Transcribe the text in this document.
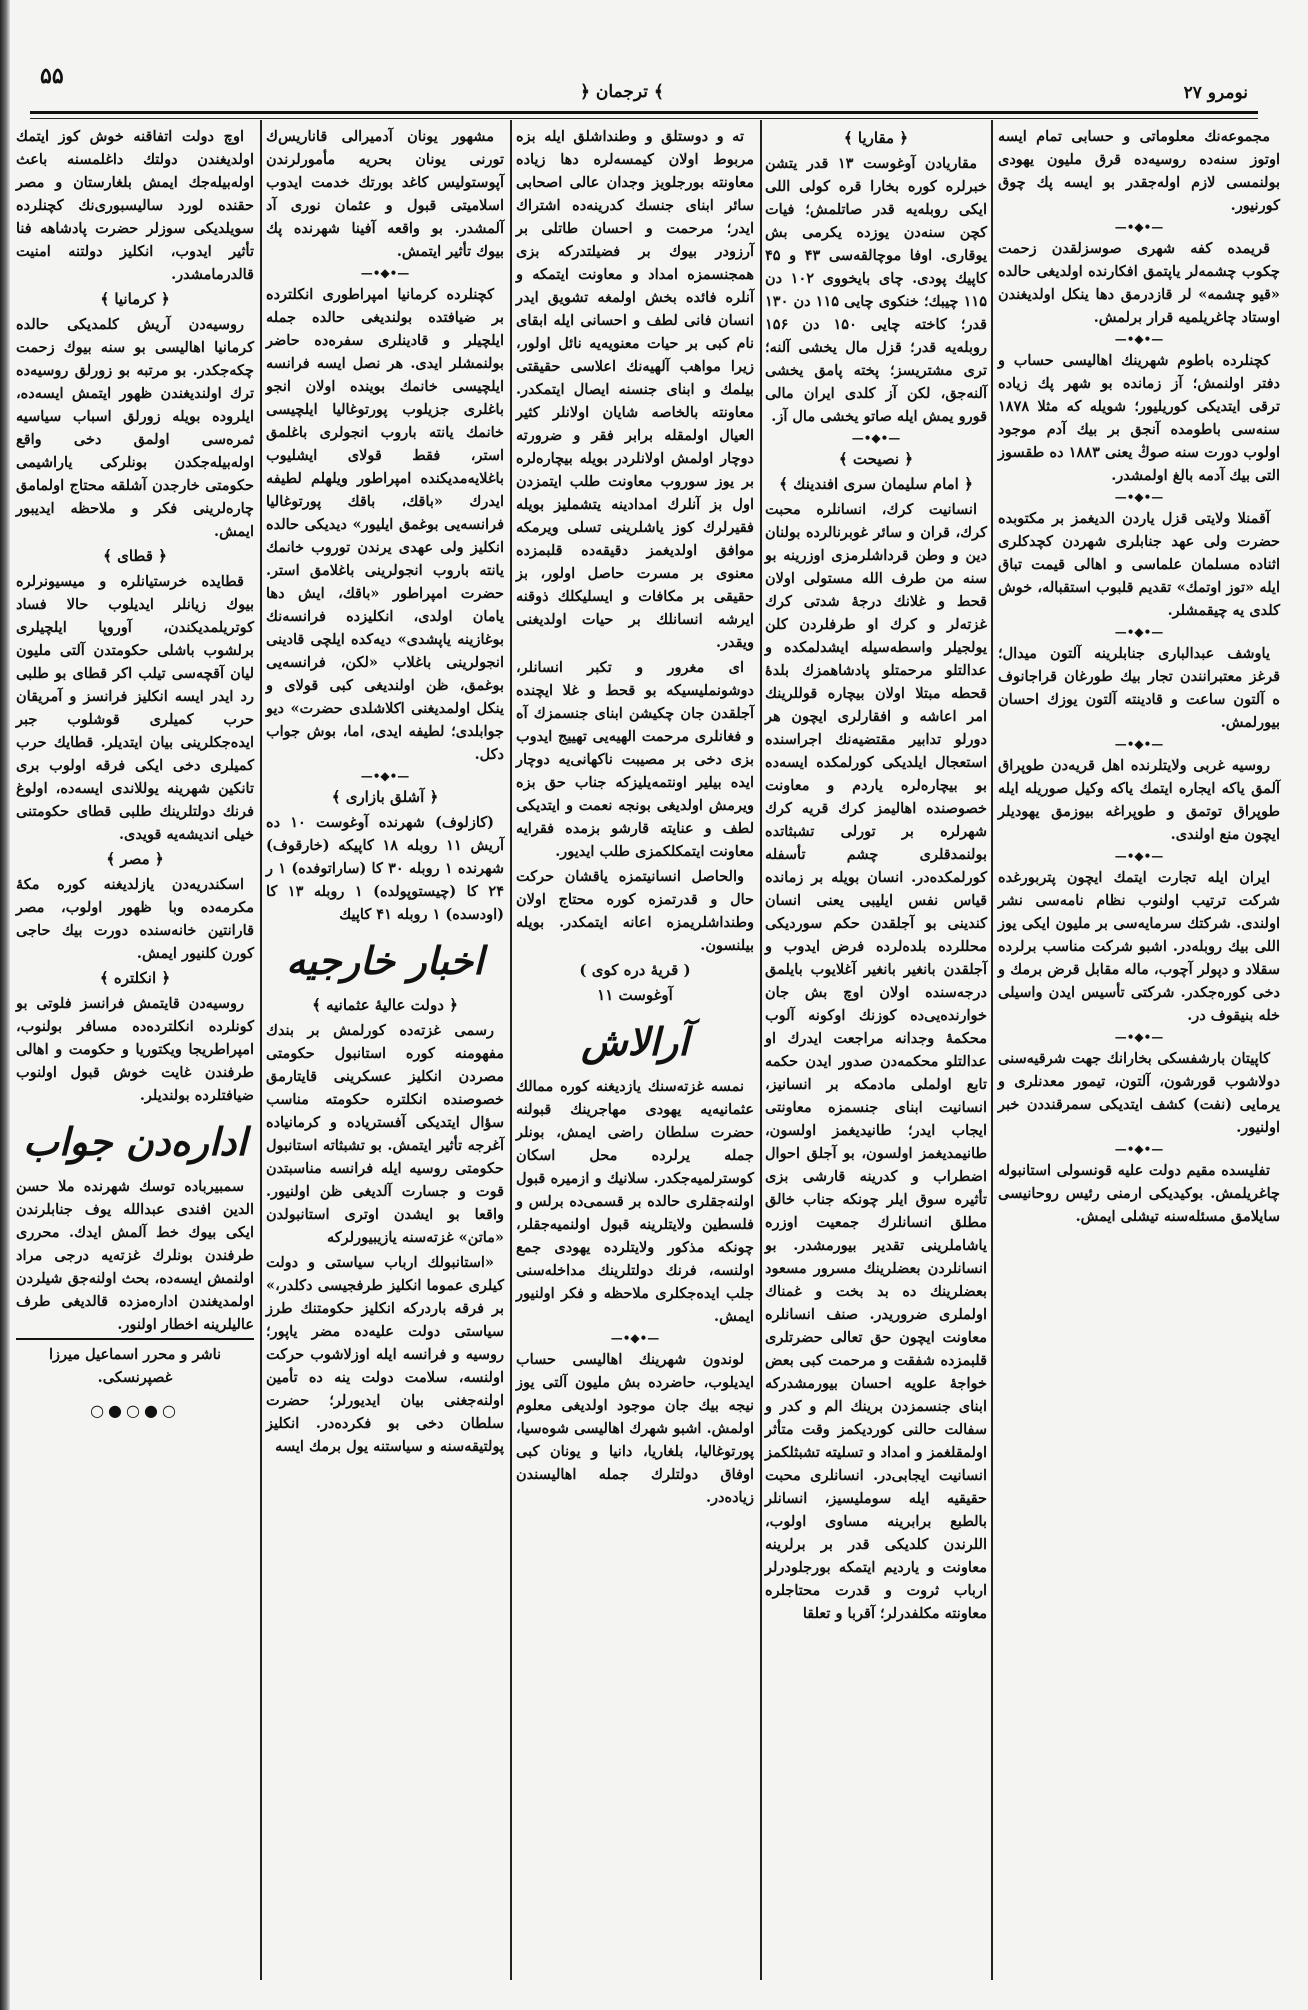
۵۵
﴿ ترجمان ﴾	نومرو ۲۷

مجموعه‌نك معلوماتی و حسابی تمام ایسه اوتوز سنه‌ده روسیه‌ده قرق ملیون یهودی بولنمسی لازم اوله‌جقدر بو ایسه پك چوق کورنیور.

—•◆•—

قریمده کفه شهری صوسزلقدن زحمت چکوب چشمه‌لر یاپتمق افکارنده اولدیغی حالده «قیو چشمه» لر قازدرمق دها ینکل اولدیغندن اوستاد چاغریلمیه قرار برلمش.

—•◆•—

کچنلرده باطوم شهرینك اهالیسی حساب و دفتر اولنمش؛ آز زمانده بو شهر پك زیاده ترقی ایتدیکی کوریلیور؛ شویله که مثلا ۱۸۷۸ سنه‌سی باطومده آنجق بر بیك آدم موجود اولوب دورت سنه صوڭ یعنی ۱۸۸۳ ده طقسوز التی بیك آدمه بالغ اولمشدر.

—•◆•—

آقمنلا ولایتی قزل یاردن الدیغمز بر مکتوبده حضرت ولی عهد جنابلری شهردن کچدکلری اثناده مسلمان علماسی و اهالی قیمت تباق ایله «توز اوتمك» تقدیم قلبوب استقباله، خوش کلدی یه چیقمشلر.

—•◆•—

یاوشف عبدالباری جنابلرینه آلتون میدال؛ قرغز معتبرانندن تجار بیك طورغان قراجانوف ه آلتون ساعت و قادینته آلتون یوزك احسان بیورلمش.

—•◆•—

روسیه غربی ولایتلرنده اهل قریه‌دن طوپراق آلمق یاکه ایجاره ایتمك یاکه وکیل صوریله ایله طوپراق توتمق و طوپراغه بیوزمق یهودیلر ایچون منع اولندی.

—•◆•—

ایران ایله تجارت ایتمك ایچون پتربورغده شرکت ترتیب اولنوب نظام نامه‌سی نشر اولندی. شرکتك سرمایه‌سی بر ملیون ایکی یوز اللی بیك روبله‌در. اشبو شرکت مناسب برلرده سقلاد و دپولر آچوب، ماله مقابل قرض برمك و دخی کوره‌جکدر. شرکتی تأسیس ایدن واسیلی خله بنیقوف در.

—•◆•—

کاپیتان بارشفسکی بخارانك جهت شرقیه‌سنی دولاشوب قورشون، آلتون، تیمور معدنلری و یرمایی (نفت) کشف ایتدیکی سمرقنددن خبر اولنیور.

—•◆•—

تفلیسده مقیم دولت علیه قونسولی استانبوله چاغریلمش. بوکیدیکی ارمنی رئیس روحانیسی سایلامق مسئله‌سنه تیشلی ایمش.

﴿ مقاریا ﴾

مقاریادن آوغوست ۱۳ قدر یتشن خبرلره کوره بخارا قره کولی اللی ایکی روبله‌یه قدر صاتلمش؛ فیات کچن سنه‌دن یوزده یکرمی بش یوقاری. اوفا موچالقه‌سی ۴۳ و ۴۵ کاپیك پودی. چای بایخووی ۱۰۲ دن ۱۱۵ چیبك؛ خنکوی چایی ۱۱۵ دن ۱۳۰ قدر؛ کاخته چایی ۱۵۰ دن ۱۵۶ روبله‌یه قدر؛ قزل مال یخشی آلنه؛ تری مشتریسز؛ پخته پامق یخشی آلنه‌جق، لکن آز کلدی ایران مالی قورو یمش ایله صاتو یخشی مال آز.

—•◆•—
﴿ نصیحت ﴾
﴿ امام سلیمان سری افندینك ﴾

انسانیت کرك، انسانلره محبت کرك، قران و سائر غوبرنالرده بولنان دین و وطن قرداشلرمزی اوزرینه بو سنه من طرف الله مستولی اولان قحط و غلانك درجهٔ شدتی کرك غزته‌لر و کرك او طرفلردن کلن یولجیلر واسطه‌سیله ایشدلمکده و عدالتلو مرحمتلو پادشاهمزك بلدهٔ قحطه مبتلا اولان بیچاره قوللرینك امر اعاشه و افقارلری ایچون هر دورلو تدابیر مقتضیه‌نك اجراسنده استعجال ایلدیکی کورلمکده ایسه‌ده بو بیچاره‌لره یاردم و معاونت خصوصنده اهالیمز کرك قریه کرك شهرلره بر تورلی تشبثاتده بولنمدقلری چشم تأسفله کورلمکده‌در. انسان بویله بر زمانده قیاس نفس ایلیبی یعنی انسان کندینی بو آجلقدن حکم سوردیکی محللرده بلده‌لرده فرض ایدوب و آجلقدن بانغیر بانغیر آغلایوب بایلمق درجه‌سنده اولان اوچ بش جان خوارنده‌یی‌ده کوزنك اوکونه آلوب محکمهٔ وجدانه مراجعت ایدرك او عدالتلو محکمه‌دن صدور ایدن حکمه تابع اولملی مادمکه بر انسانیز، انسانیت ابنای جنسمزه معاونتی ایجاب ایدر؛ طانیدیغمز اولسون، طانیمدیغمز اولسون، بو آجلق احوال اضطراب و کدرینه قارشی بزی تأثیره سوق ایلر چونکه جناب خالق مطلق انسانلرك جمعیت اوزره یاشاملرینی تقدیر بیورمشدر. بو انسانلردن بعضلرینك مسرور مسعود بعضلرینك ده بد بخت و غمناك اولملری ضروریدر. صنف انسانلره معاونت ایچون حق تعالی حضرتلری قلبمزده شفقت و مرحمت کبی بعض خواجهٔ علویه احسان بیورمشدرکه ابنای جنسمزدن برینك الم و کدر و سفالت حالنی کوردیکمز وقت متأثر اولمقلغمز و امداد و تسلیته تشبثلکمز انسانیت ایجابی‌در. انسانلری محبت حقیقیه ایله سوملیسیز، انسانلر بالطبع برابرینه مساوی اولوب، اللرندن کلدیکی قدر بر برلرینه معاونت و یاردیم ایتمکه بورجلودرلر ارباب ثروت و قدرت محتاجلره معاونته مکلفدرلر؛ آقربا و تعلقا

ته و دوستلق و وطنداشلق ایله بزه مربوط اولان کیمسه‌لره دها زیاده معاونته بورجلویز وجدان عالی اصحابی سائر ابنای جنسك کدرینه‌ده اشتراك ایدر؛ مرحمت و احسان طاتلی بر آرزودر بیوك بر فضیلتدرکه بزی همجنسمزه امداد و معاونت ایتمکه و آنلره فائده بخش اولمغه تشویق ایدر انسان فانی لطف و احسانی ایله ابقای نام کبی بر حیات معنویه‌یه نائل اولور، زیرا مواهب آلهیه‌نك اعلاسی حقیقتی بیلمك و ابنای جنسنه ایصال ایتمکدر. معاونته بالخاصه شایان اولانلر کثیر العیال اولمقله برابر فقر و ضرورته دوچار اولمش اولانلردر بویله بیچاره‌لره بر یوز سوروب معاونت طلب ایتمزدن اول بز آنلرك امدادینه یتشملیز بویله فقیرلرك کوز یاشلرینی تسلی ویرمکه موافق اولدیغمز دقیقه‌ده قلبمزده معنوی بر مسرت حاصل اولور، بز حقیقی بر مکافات و ایسلیکلك ذوقنه ایرشه انسانلك بر حیات اولدیغنی ویقدر.

ای مغرور و تکبر انسانلر، دوشونملیسیکه بو قحط و غلا ایچنده آجلقدن جان چکیشن ابنای جنسمزك آه و فغانلری مرحمت الهیه‌یی تهییج ایدوب بزی دخی بر مصیبت ناکهانی‌یه دوچار ایده بیلیر اونتمه‌یلیزکه جناب حق بزه ویرمش اولدیغی بونجه نعمت و ایتدیکی لطف و عنایته قارشو بزمده فقرایه معاونت ایتمکلکمزی طلب ایدیور.

والحاصل انسانیتمزه یاقشان حرکت حال و قدرتمزه کوره محتاج اولان وطنداشلریمزه اعانه ایتمکدر. بویله بیلنسون.

( قریهٔ دره کوی )
آوغوست ۱۱
آرالاش

نمسه غزته‌سنك یازدیغنه کوره ممالك عثمانیه‌یه یهودی مهاجرینك قبولنه حضرت سلطان راضی ایمش، بونلر جمله یرلرده محل اسکان کوسترلمیه‌جکدر. سلانیك و ازمیره قبول اولنه‌جقلری حالده بر قسمی‌ده برلس و فلسطین ولایتلرینه قبول اولنمیه‌جقلر، چونکه مذکور ولایتلرده یهودی جمع اولنسه، فرنك دولتلرینك مداخله‌سنی جلب ایده‌جکلری ملاحظه و فکر اولنیور ایمش.

—•◆•—

لوندون شهرینك اهالیسی حساب ایدیلوب، حاضرده بش ملیون آلتی یوز نیجه بیك جان موجود اولدیغی معلوم اولمش. اشبو شهرك اهالیسی شوه‌سیا، پورتوغالیا، بلغاریا، دانیا و یونان کبی اوفاق دولتلرك جمله اهالیسندن زیاده‌در.

مشهور یونان آدمیرالی قاناریس‌ك تورنی یونان بحریه مأمورلرندن آپوستولیس کاغد بورتك خدمت ایدوب اسلامیتی قبول و عثمان نوری آد آلمشدر. بو واقعه آفینا شهرنده پك بیوك تأثیر ایتمش.

—•◆•—

کچنلرده کرمانیا امپراطوری انکلترده بر ضیافتده بولندیغی حالده جمله ایلچیلر و قادینلری سفره‌ده حاضر بولنمشلر ایدی. هر نصل ایسه فرانسه ایلچیسی خانمك بوینده اولان انجو باغلری جزیلوب پورتوغالیا ایلچیسی خانمك یانته باروب انجولری باغلمق استر، فقط قولای ایشلیوب باغلایه‌مدیکنده امپراطور ویلهلم لطیفه ایدرك «باقك، باقك پورتوغالیا فرانسه‌یی بوغمق ایلیور» دیدیکی حالده انکلیز ولی عهدی یرندن توروب خانمك یانته باروب انجولرینی باغلامق استر. حضرت امپراطور «باقك، ایش دها یامان اولدی، انکلیزده فرانسه‌نك بوغازینه یاپشدی» دیه‌کده ایلچی قادینی انجولرینی باغلاب «لکن، فرانسه‌یی بوغمق، ظن اولندیغی کبی قولای و ینکل اولمدیغنی اکلاشلدی حضرت» دیو جوابلدی؛ لطیفه ایدی، اما، بوش جواب دکل.

—•◆•—
﴿ آشلق بازاری ﴾

(کازلوف) شهرنده آوغوست ۱۰ ده آریش ۱۱ روبله ۱۸ کاپیکه (خارقوف) شهرنده ۱ روبله ۳۰ کا (ساراتوفده) ۱ ر ۲۴ کا (چیستوپولده) ۱ روبله ۱۳ کا (اودسده) ۱ روبله ۴۱ کاپیك

اخبار خارجیه
﴿ دولت عالیهٔ عثمانیه ﴾

رسمی غزته‌ده کورلمش بر بندك مفهومنه کوره استانبول حکومتی مصردن انکلیز عسکرینی قایتارمق خصوصنده انکلتره حکومته مناسب سؤال ایتدیکی آفستریاده و کرمانیاده آغرجه تأثیر ایتمش. بو تشبثاته استانبول حکومتی روسیه ایله فرانسه مناسبتدن قوت و جسارت آلدیغی ظن اولنیور. واقعا بو ایشدن اوتری استانبولدن «ماتن» غزته‌سنه یازیبیورلرکه

«استانبولك ارباب سیاستی و دولت کیلری عموما انکلیز طرفجیسی دکلدر،» بر فرقه باردرکه انکلیز حکومتنك طرز سیاستی دولت علیه‌ده مضر یاپور؛ روسیه و فرانسه ایله اوزلاشوب حرکت اولنسه، سلامت دولت ینه ده تأمین اولنه‌جغنی بیان ایدیورلر؛ حضرت سلطان دخی بو فکرده‌در. انکلیز پولتیقه‌سنه و سیاستنه یول برمك ایسه

اوچ دولت اتفاقنه خوش کوز ایتمك اولدیغندن دولتك داغلمسنه باعث اوله‌بیله‌جك ایمش بلغارستان و مصر حقنده لورد سالیسبوری‌نك کچنلرده سویلدیکی سوزلر حضرت پادشاهه فنا تأثیر ایدوب، انکلیز دولتنه امنیت قالدرمامشدر.

﴿ کرمانیا ﴾

روسیه‌دن آریش کلمدیکی حالده کرمانیا اهالیسی بو سنه بیوك زحمت چکه‌جکدر. بو مرتبه بو زورلق روسیه‌ده ترك اولندیغندن ظهور ایتمش ایسه‌ده، ایلروده بویله زورلق اسباب سیاسیه ثمره‌سی اولمق دخی واقع اوله‌بیله‌جکدن بونلرکی یاراشیمی حکومتی خارجدن آشلقه محتاج اولمامق چاره‌لرینی فکر و ملاحظه ایدیبور ایمش.

﴿ قطای ﴾

قطایده خرستیانلره و میسیونرلره بیوك زیانلر ایدیلوب حالا فساد کوتریلمدیکندن، آوروپا ایلچیلری برلشوب باشلی حکومتدن آلتی ملیون لیان آقچه‌سی تیلب اکر قطای بو طلبی رد ایدر ایسه انکلیز فرانسز و آمریقان حرب کمیلری قوشلوب جبر ایده‌جکلرینی بیان ایتدیلر. قطایك حرب کمیلری دخی ایکی فرقه اولوب بری تانکین شهرینه یوللاندی ایسه‌ده، اولوغ فرنك دولتلرینك طلبی قطای حکومتنی خیلی اندیشه‌یه قویدی.

﴿ مصر ﴾

اسکندریه‌دن یازلدیغنه کوره مکهٔ مکرمه‌ده وبا ظهور اولوب، مصر قارانتین خانه‌سنده دورت بیك حاجی کورن کلنیور ایمش.

﴿ انکلتره ﴾

روسیه‌دن قایتمش فرانسز فلوتی بو کونلرده انکلترده‌ده مسافر بولنوب، امپراطریجا ویکتوریا و حکومت و اهالی طرفندن غایت خوش قبول اولنوب ضیافتلرده بولندیلر.

اداره‌دن جواب

سمبیرباده توسك شهرنده ملا حسن الدین افندی عبدالله یوف جنابلرندن ایکی بیوك خط آلمش ایدك. محرری طرفندن بونلرك غزته‌یه درجی مراد اولنمش ایسه‌ده، بحث اولنه‌جق شیلردن اولمدیغندن اداره‌مزده قالدیغی طرف عالیلرینه اخطار اولنور.

ناشر و محرر اسماعیل میرزا غصپرنسکی.
○●○●○
